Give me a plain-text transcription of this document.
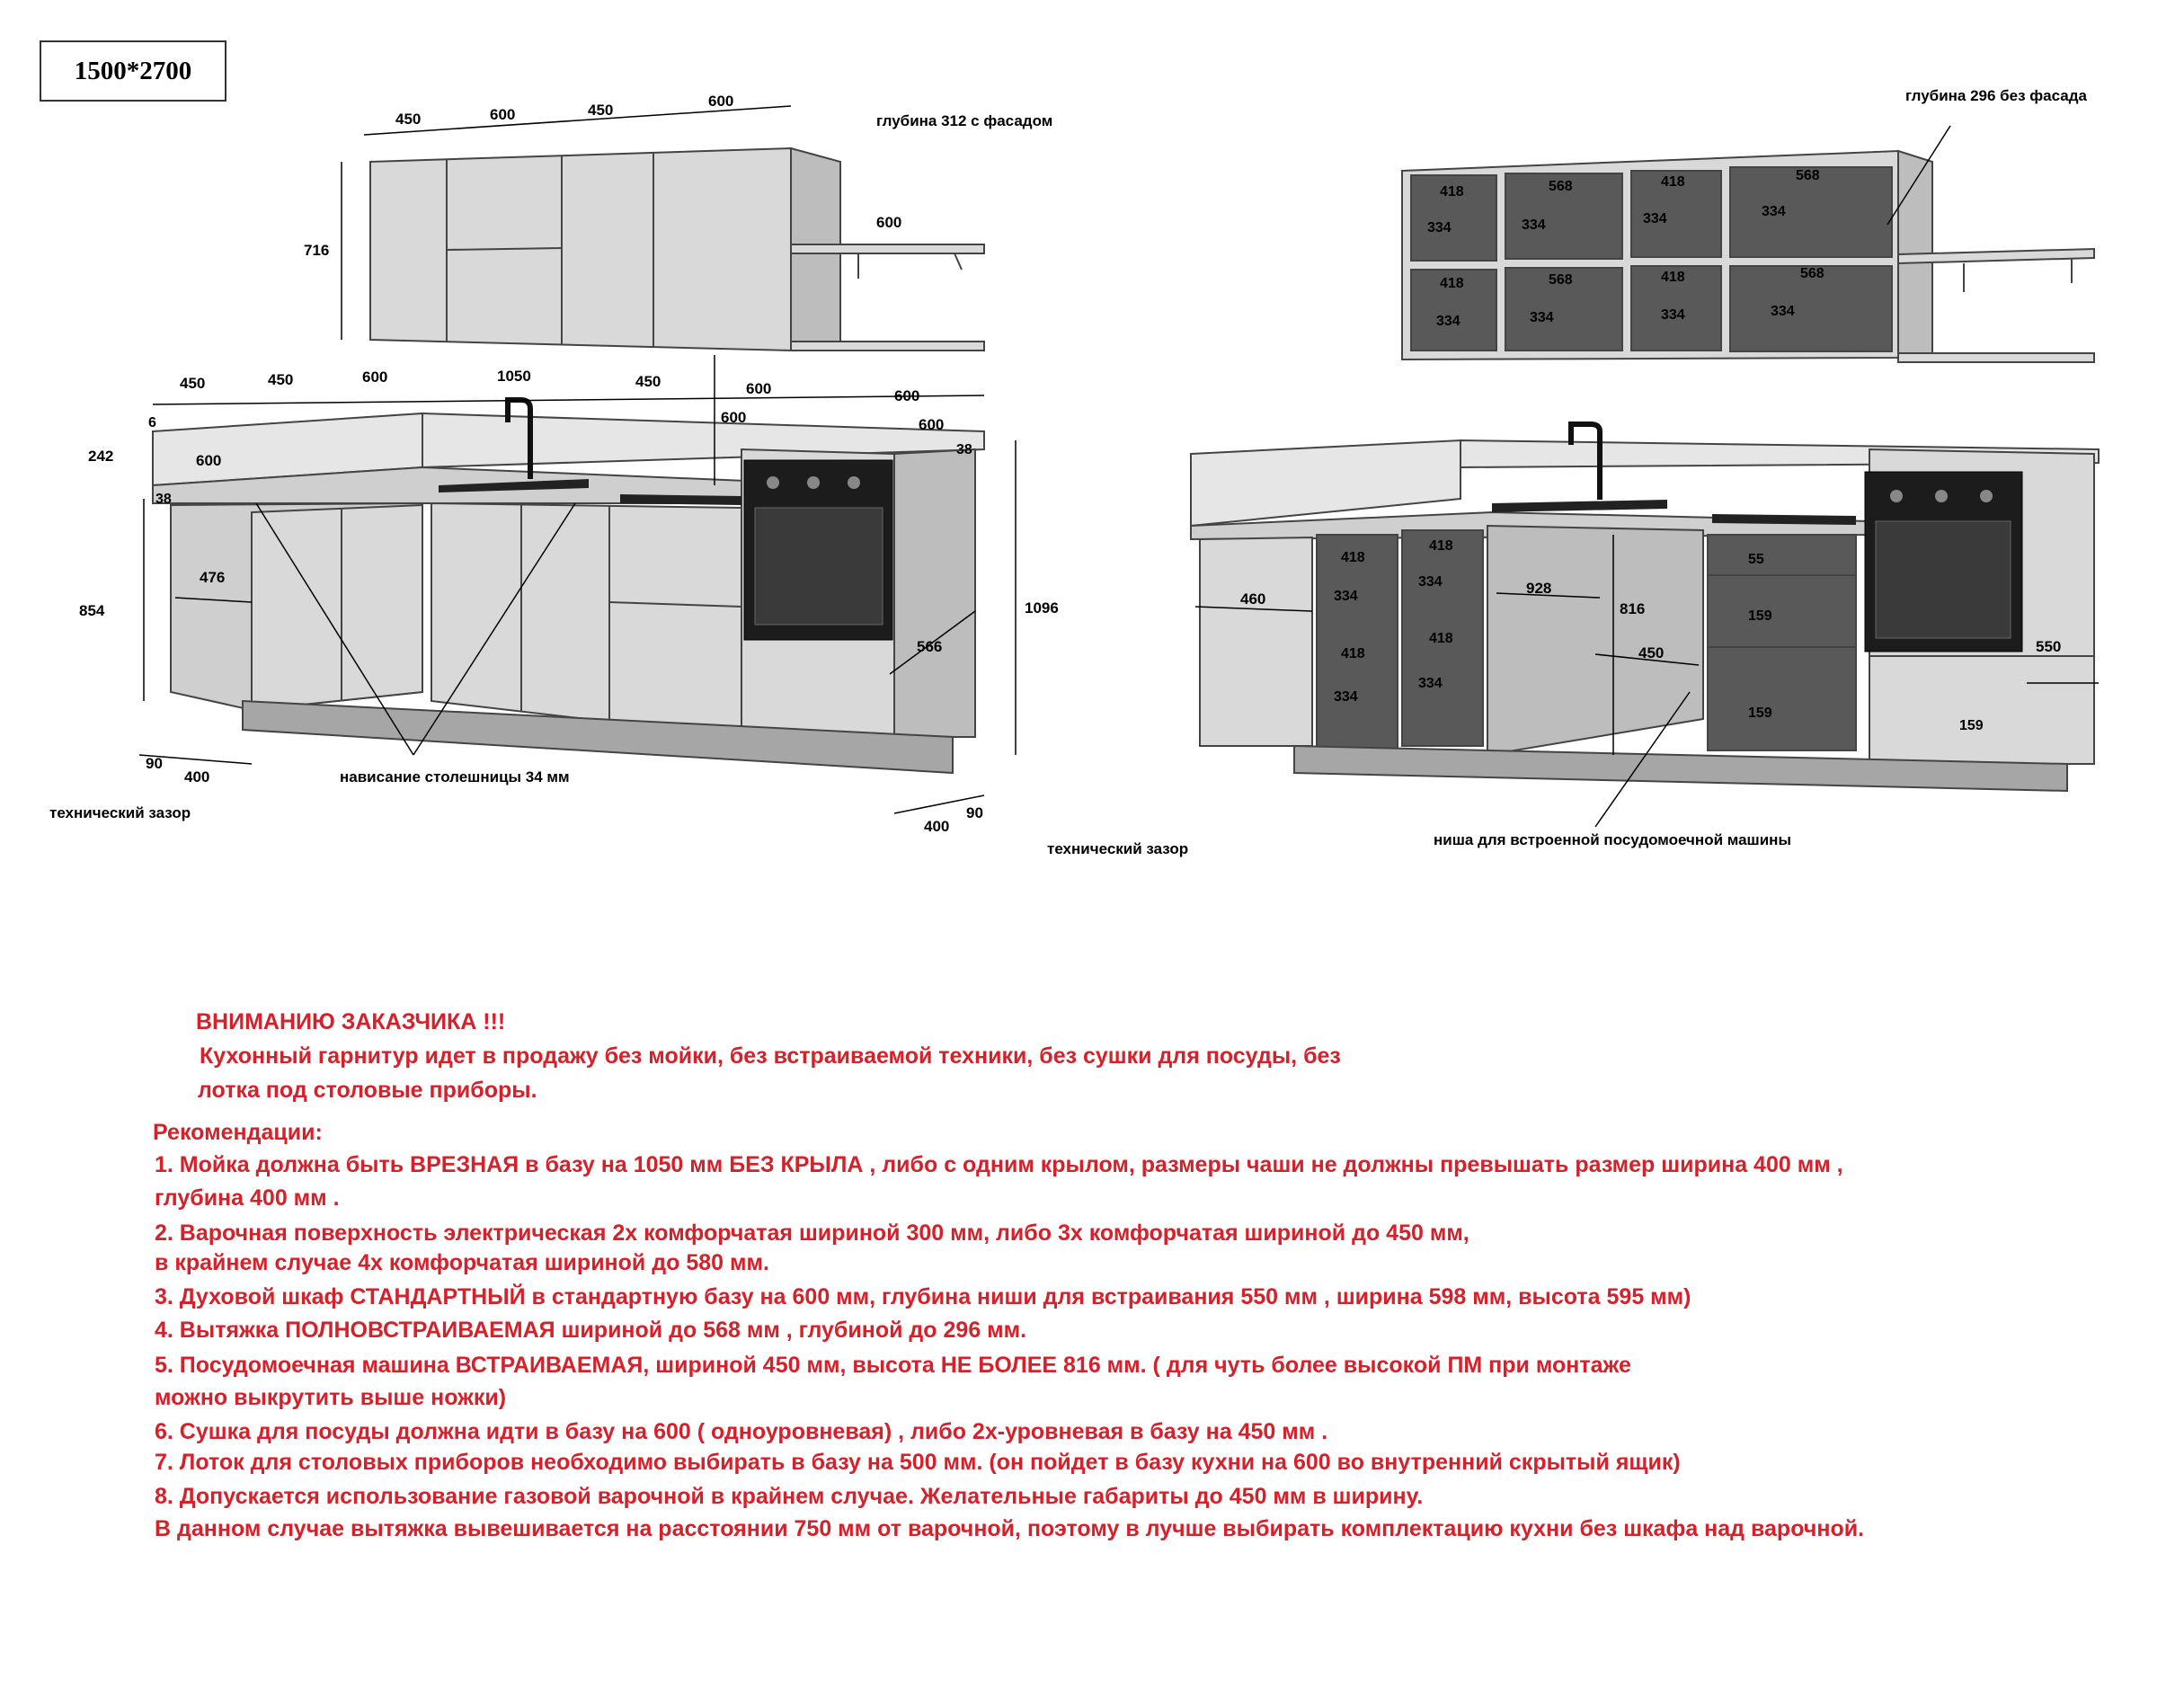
1500*2700
450	600	450
600
716
глубина 312 с фасадом
600
450	450	600	1050	450	600	600
6
242	600
38
600
38
600
854
476
1096
566
90
400
400
90
нависание столешницы 34 мм
технический зазор
технический зазор
глубина 296 без фасада
418
334
568
334
418
334
568
334
418
334
568
334
418
334
568
334
460
418
334
418
334
418
334
418
334
928
816
450
55
159
159
550
159
ниша для встроенной посудомоечной машины
ВНИМАНИЮ ЗАКАЗЧИКА !!!
Кухонный гарнитур идет в продажу без мойки, без встраиваемой техники, без сушки для посуды, без
лотка под столовые приборы.
Рекомендации:
1. Мойка должна быть ВРЕЗНАЯ в базу на 1050 мм БЕЗ КРЫЛА , либо с одним крылом, размеры чаши не должны превышать размер ширина 400 мм ,
глубина 400 мм .
2. Варочная поверхность электрическая 2х комфорчатая шириной 300 мм, либо 3х комфорчатая шириной до 450 мм,
в крайнем случае 4х комфорчатая шириной до 580 мм.
3. Духовой шкаф СТАНДАРТНЫЙ в стандартную базу на 600 мм, глубина ниши для встраивания 550 мм , ширина 598 мм, высота 595 мм)
4. Вытяжка ПОЛНОВСТРАИВАЕМАЯ шириной до 568 мм , глубиной до 296 мм.
5. Посудомоечная машина ВСТРАИВАЕМАЯ, шириной 450 мм, высота НЕ БОЛЕЕ 816 мм. ( для чуть более высокой ПМ при монтаже
можно выкрутить выше ножки)
6. Сушка для посуды должна идти в базу на 600 ( одноуровневая) , либо 2х-уровневая в базу на 450 мм .
7. Лоток для столовых приборов необходимо выбирать в базу на 500 мм. (он пойдет в базу кухни на 600 во внутренний скрытый ящик)
8. Допускается использование газовой варочной в крайнем случае. Желательные габариты до 450 мм в ширину.
В данном случае вытяжка вывешивается на расстоянии 750 мм от варочной, поэтому в лучше выбирать комплектацию кухни без шкафа над варочной.
